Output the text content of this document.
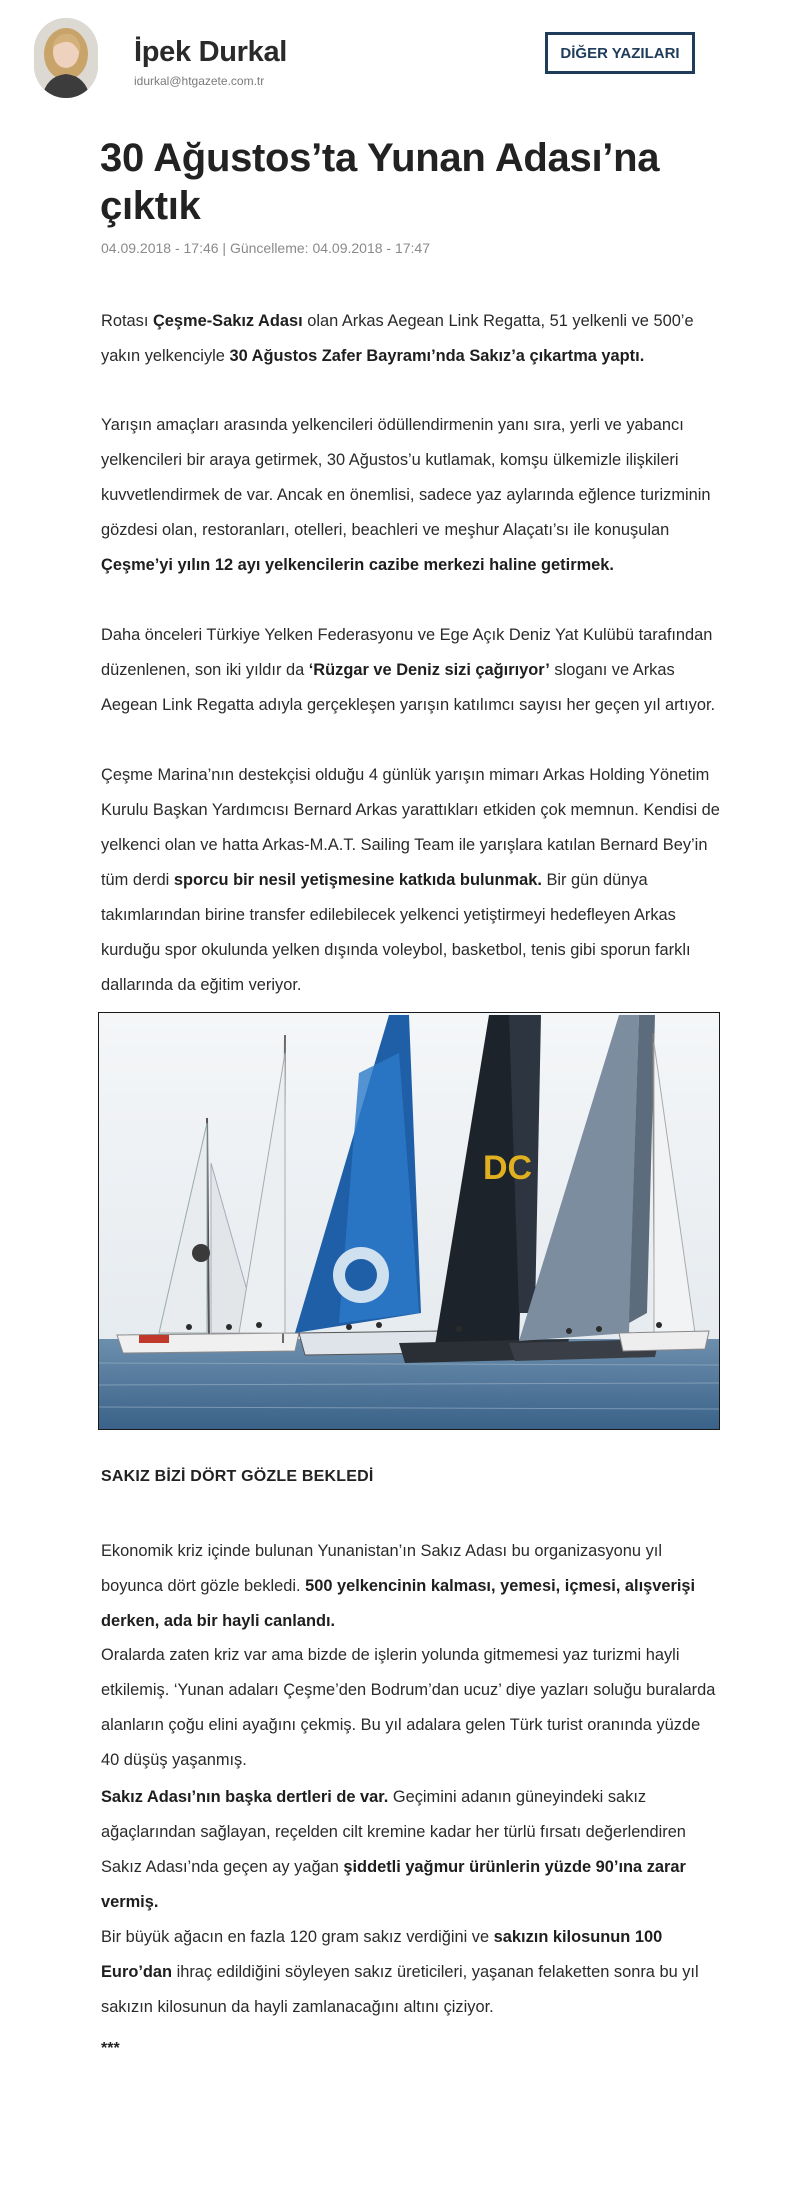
İpek Durkal
idurkal@htgazete.com.tr
DİĞER YAZILARI
30 Ağustos’ta Yunan Adası’na çıktık
04.09.2018 - 17:46 | Güncelleme: 04.09.2018 - 17:47

Rotası Çeşme-Sakız Adası olan Arkas Aegean Link Regatta, 51 yelkenli ve 500’e yakın yelkenciyle 30 Ağustos Zafer Bayramı’nda Sakız’a çıkartma yaptı.

Yarışın amaçları arasında yelkencileri ödüllendirmenin yanı sıra, yerli ve yabancı yelkencileri bir araya getirmek, 30 Ağustos’u kutlamak, komşu ülkemizle ilişkileri kuvvetlendirmek de var. Ancak en önemlisi, sadece yaz aylarında eğlence turizminin gözdesi olan, restoranları, otelleri, beachleri ve meşhur Alaçatı’sı ile konuşulan Çeşme’yi yılın 12 ayı yelkencilerin cazibe merkezi haline getirmek.

Daha önceleri Türkiye Yelken Federasyonu ve Ege Açık Deniz Yat Kulübü tarafından düzenlenen, son iki yıldır da ‘Rüzgar ve Deniz sizi çağırıyor’ sloganı ve Arkas Aegean Link Regatta adıyla gerçekleşen yarışın katılımcı sayısı her geçen yıl artıyor.

Çeşme Marina’nın destekçisi olduğu 4 günlük yarışın mimarı Arkas Holding Yönetim Kurulu Başkan Yardımcısı Bernard Arkas yarattıkları etkiden çok memnun. Kendisi de yelkenci olan ve hatta Arkas-M.A.T. Sailing Team ile yarışlara katılan Bernard Bey’in tüm derdi sporcu bir nesil yetişmesine katkıda bulunmak. Bir gün dünya takımlarından birine transfer edilebilecek yelkenci yetiştirmeyi hedefleyen Arkas kurduğu spor okulunda yelken dışında voleybol, basketbol, tenis gibi sporun farklı dallarında da eğitim veriyor.

DC
SAKIZ BİZİ DÖRT GÖZLE BEKLEDİ

Ekonomik kriz içinde bulunan Yunanistan’ın Sakız Adası bu organizasyonu yıl boyunca dört gözle bekledi. 500 yelkencinin kalması, yemesi, içmesi, alışverişi derken, ada bir hayli canlandı.

Oralarda zaten kriz var ama bizde de işlerin yolunda gitmemesi yaz turizmi hayli etkilemiş. ‘Yunan adaları Çeşme’den Bodrum’dan ucuz’ diye yazları soluğu buralarda alanların çoğu elini ayağını çekmiş. Bu yıl adalara gelen Türk turist oranında yüzde 40 düşüş yaşanmış.

Sakız Adası’nın başka dertleri de var. Geçimini adanın güneyindeki sakız ağaçlarından sağlayan, reçelden cilt kremine kadar her türlü fırsatı değerlendiren Sakız Adası’nda geçen ay yağan şiddetli yağmur ürünlerin yüzde 90’ına zarar vermiş.

Bir büyük ağacın en fazla 120 gram sakız verdiğini ve sakızın kilosunun 100 Euro’dan ihraç edildiğini söyleyen sakız üreticileri, yaşanan felaketten sonra bu yıl sakızın kilosunun da hayli zamlanacağını altını çiziyor.

***
